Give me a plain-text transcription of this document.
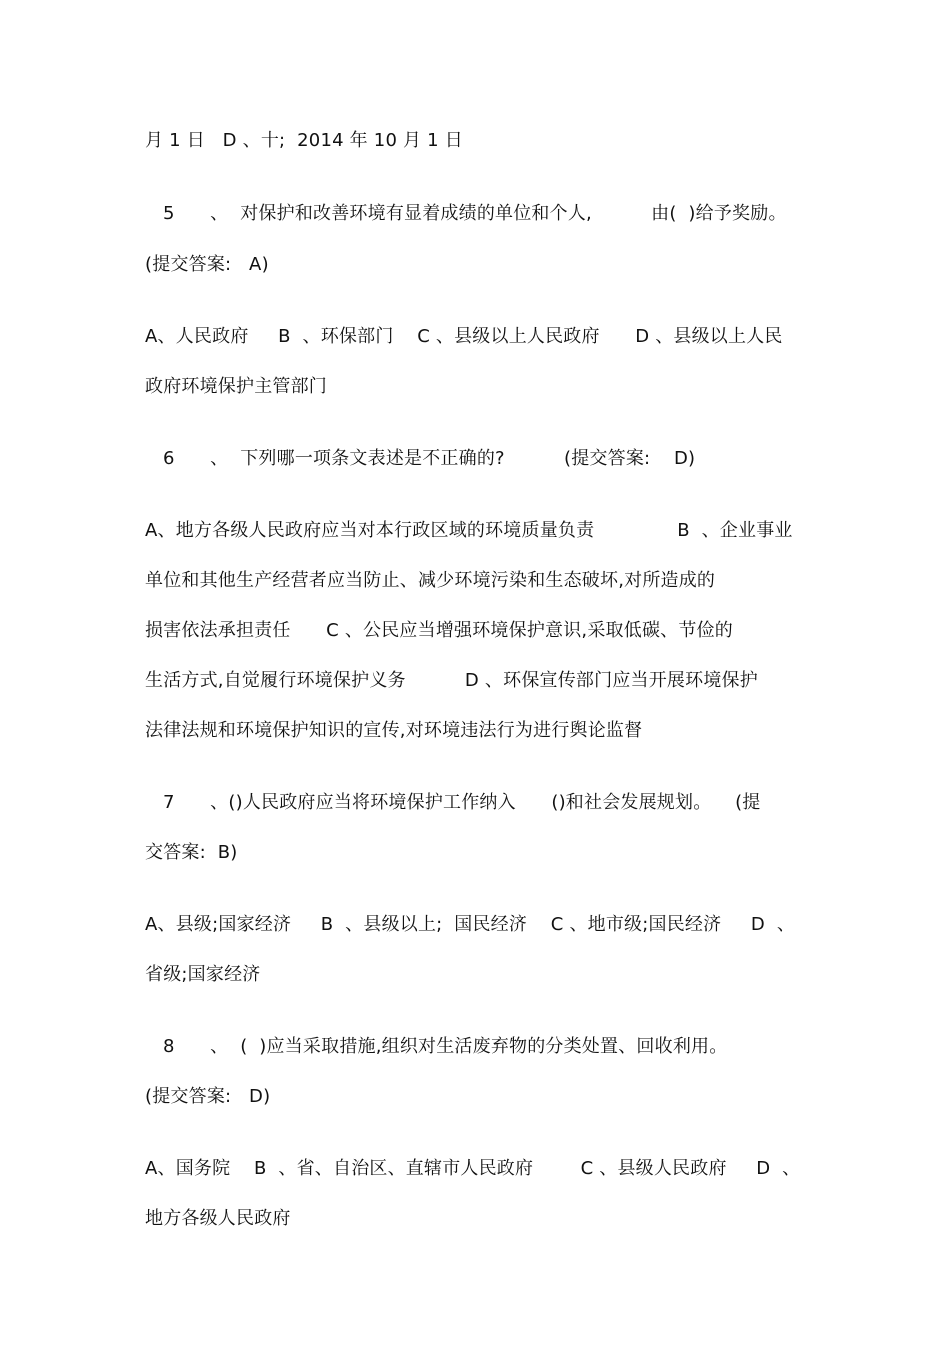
月 1 日   D 、十;  2014 年 10 月 1 日
5      、  对保护和改善环境有显着成绩的单位和个人,          由(  )给予奖励。
(提交答案:   A)
A、人民政府     B  、环保部门    C 、县级以上人民政府      D 、县级以上人民
政府环境保护主管部门
6      、  下列哪一项条文表述是不正确的?          (提交答案:    D)
A、地方各级人民政府应当对本行政区域的环境质量负责              B  、企业事业
单位和其他生产经营者应当防止、减少环境污染和生态破坏,对所造成的
损害依法承担责任      C 、公民应当增强环境保护意识,采取低碳、节俭的
生活方式,自觉履行环境保护义务          D 、环保宣传部门应当开展环境保护
法律法规和环境保护知识的宣传,对环境违法行为进行舆论监督
7      、()人民政府应当将环境保护工作纳入      ()和社会发展规划。    (提
交答案:  B)
A、县级;国家经济     B  、县级以上;  国民经济    C 、地市级;国民经济     D  、
省级;国家经济
8      、  (  )应当采取措施,组织对生活废弃物的分类处置、回收利用。
(提交答案:   D)
A、国务院    B  、省、自治区、直辖市人民政府        C 、县级人民政府     D  、
地方各级人民政府
